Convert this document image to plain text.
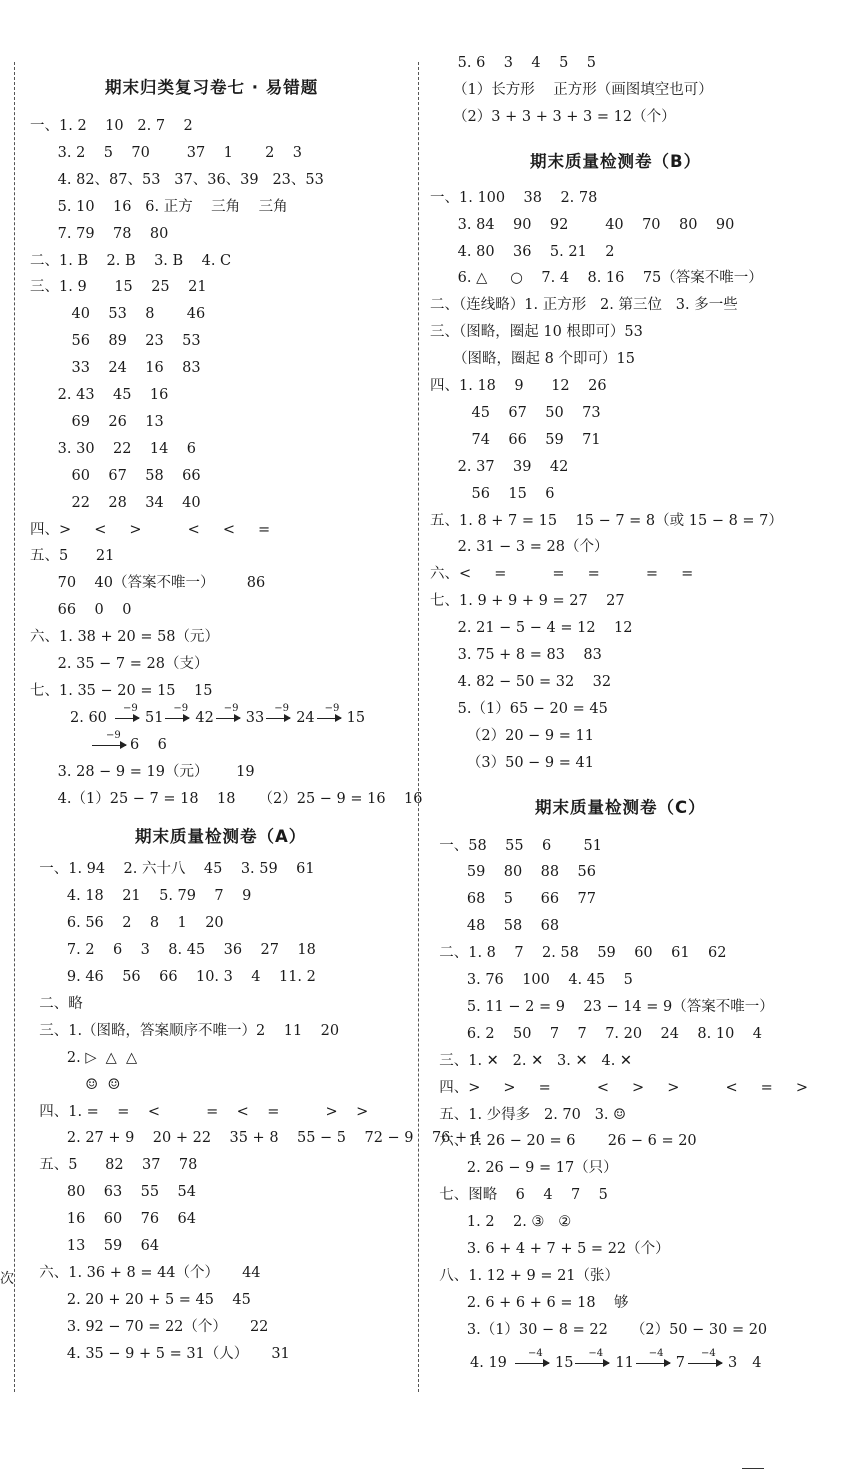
次
期末归类复习卷七 · 易错题
一、1. 2    10   2. 7    2
3. 2    5    70        37    1       2    3
4. 82、87、53   37、36、39   23、53
5. 10    16   6. 正方    三角    三角
7. 79    78    80
二、1. B    2. B    3. B    4. C
三、1. 9      15    25    21
40    53    8       46
56    89    23    53
33    24    16    83
2. 43    45    16
69    26    13
3. 30    22    14    6
60    67    58    66
22    28    34    40
四、>     <     >          <     <     =
五、5      21
70    40（答案不唯一）       86
66    0    0
六、1. 38 + 20 = 58（元）
2. 35 − 7 = 28（支）
七、1. 35 − 20 = 15    15
2. 60
−9
51
−9
42
−9
33
−9
24
−9
15
−9
6    6
3. 28 − 9 = 19（元）      19
4.（1）25 − 7 = 18    18     （2）25 − 9 = 16    16
期末质量检测卷（A）
一、1. 94    2. 六十八    45    3. 59    61
4. 18    21    5. 79    7    9
6. 56    2    8    1    20
7. 2    6    3    8. 45    36    27    18
9. 46    56    66    10. 3    4    11. 2
二、略
三、1.（图略，答案顺序不唯一）2    11    20
2. ▷  △  △
☺  ☺
四、1. =    =    <          =    <    =          >    >
2. 27 + 9    20 + 22    35 + 8    55 − 5    72 − 9    76 + 4
五、5      82    37    78
80    63    55    54
16    60    76    64
13    59    64
六、1. 36 + 8 = 44（个）     44
2. 20 + 20 + 5 = 45    45
3. 92 − 70 = 22（个）     22
4. 35 − 9 + 5 = 31（人）     31
5. 6    3    4    5    5
（1）长方形    正方形（画图填空也可）
（2）3 + 3 + 3 + 3 = 12（个）
期末质量检测卷（B）
一、1. 100    38    2. 78
3. 84    90    92        40    70    80    90
4. 80    36    5. 21    2
6. △     ○    7. 4    8. 16    75（答案不唯一）
二、（连线略）1. 正方形   2. 第三位   3. 多一些
三、（图略，圈起 10 根即可）53
（图略，圈起 8 个即可）15
四、1. 18    9      12    26
45    67    50    73
74    66    59    71
2. 37    39    42
56    15    6
五、1. 8 + 7 = 15    15 − 7 = 8（或 15 − 8 = 7）
2. 31 − 3 = 28（个）
六、<     =          =     =          =     =
七、1. 9 + 9 + 9 = 27    27
2. 21 − 5 − 4 = 12    12
3. 75 + 8 = 83    83
4. 82 − 50 = 32    32
5.（1）65 − 20 = 45
（2）20 − 9 = 11
（3）50 − 9 = 41
期末质量检测卷（C）
一、58    55    6       51
59    80    88    56
68    5      66    77
48    58    68
二、1. 8    7    2. 58    59    60    61    62
3. 76    100    4. 45    5
5. 11 − 2 = 9    23 − 14 = 9（答案不唯一）
6. 2    50    7    7    7. 20    24    8. 10    4
三、1. ✕   2. ✕   3. ✕   4. ✕
四、>     >     =          <     >     >          <     =     >
五、1. 少得多   2. 70   3. ☺
六、1. 26 − 20 = 6       26 − 6 = 20
2. 26 − 9 = 17（只）
七、图略    6    4    7    5
1. 2    2. ③   ②
3. 6 + 4 + 7 + 5 = 22（个）
八、1. 12 + 9 = 21（张）
2. 6 + 6 + 6 = 18    够
3.（1）30 − 8 = 22     （2）50 − 30 = 20
4. 19
−4
15
−4
11
−4
7
−4
3 4
